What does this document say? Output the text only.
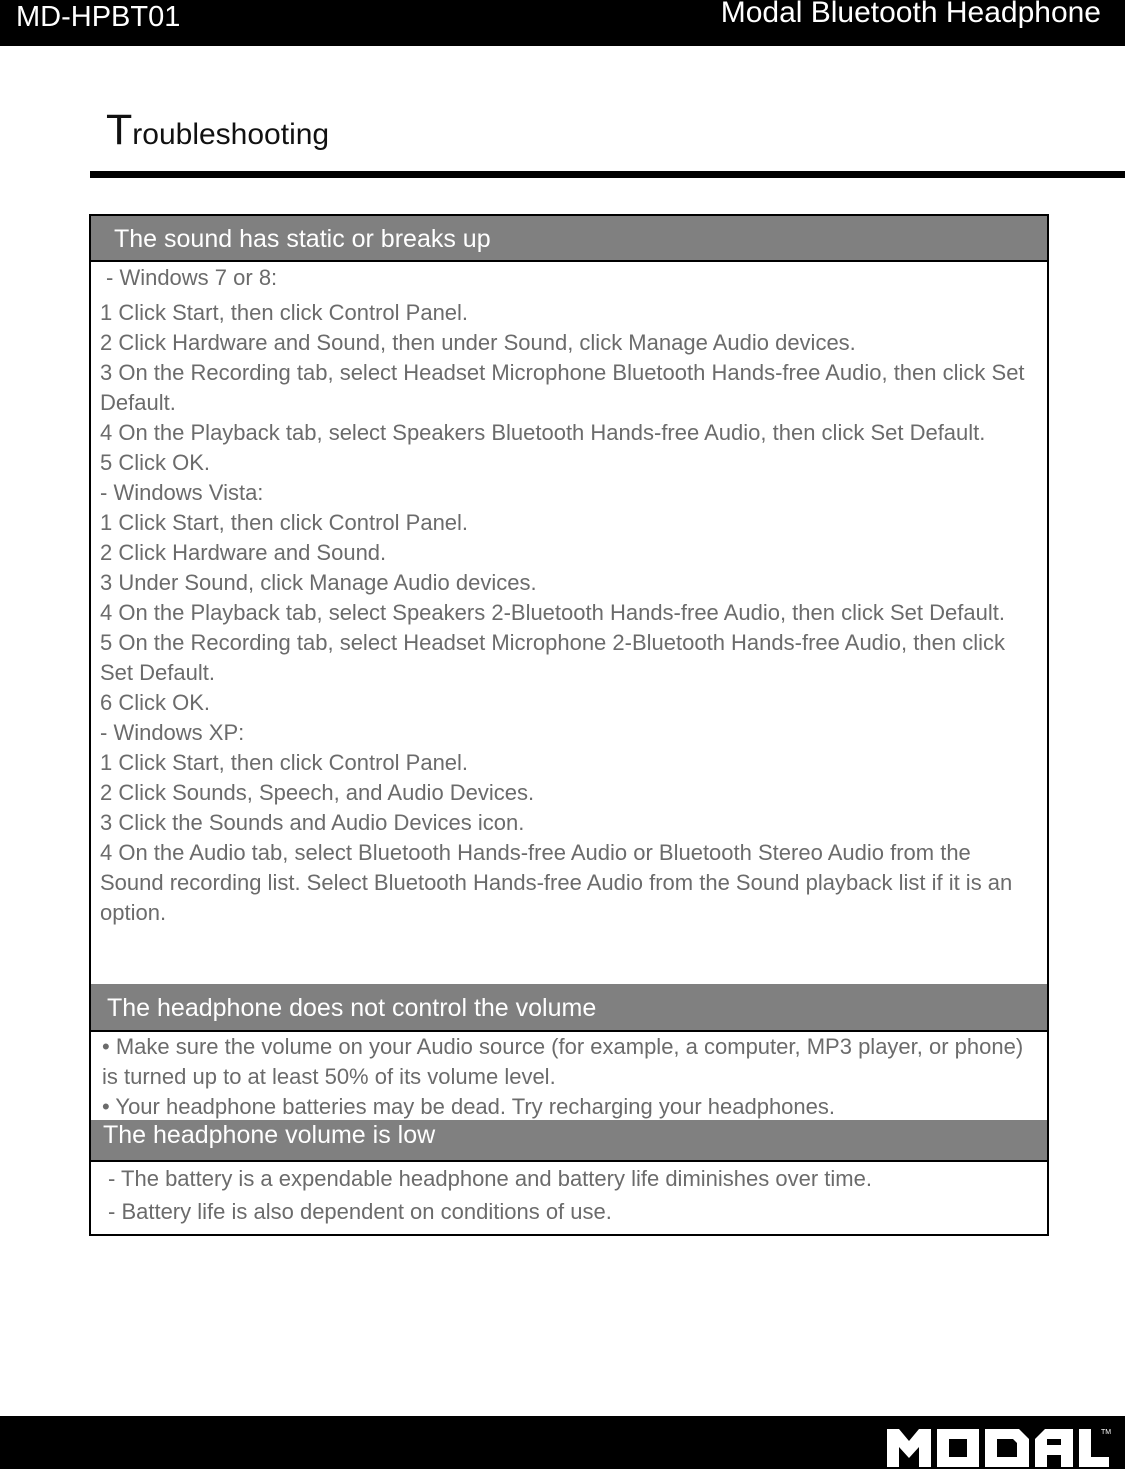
MD-HPBT01	Modal Bluetooth Headphone
Troubleshooting
The sound has static or breaks up
- Windows 7 or 8:
1 Click Start, then click Control Panel.
2 Click Hardware and Sound, then under Sound, click Manage Audio devices.
3 On the Recording tab, select Headset Microphone Bluetooth Hands-free Audio, then click Set Default.
4 On the Playback tab, select Speakers Bluetooth Hands-free Audio, then click Set Default.
5 Click OK.
- Windows Vista:
1 Click Start, then click Control Panel.
2 Click Hardware and Sound.
3 Under Sound, click Manage Audio devices.
4 On the Playback tab, select Speakers 2-Bluetooth Hands-free Audio, then click Set Default.
5 On the Recording tab, select Headset Microphone 2-Bluetooth Hands-free Audio, then click Set Default.
6 Click OK.
- Windows XP:
1 Click Start, then click Control Panel.
2 Click Sounds, Speech, and Audio Devices.
3 Click the Sounds and Audio Devices icon.
4 On the Audio tab, select Bluetooth Hands-free Audio or Bluetooth Stereo Audio from the Sound recording list. Select Bluetooth Hands-free Audio from the Sound playback list if it is an option.
The headphone does not control the volume
• Make sure the volume on your Audio source (for example, a computer, MP3 player, or phone) is turned up to at least 50% of its volume level.
• Your headphone batteries may be dead. Try recharging your headphones.
The headphone volume is low
- The battery is a expendable headphone and battery life diminishes over time.
- Battery life is also dependent on conditions of use.
TM
